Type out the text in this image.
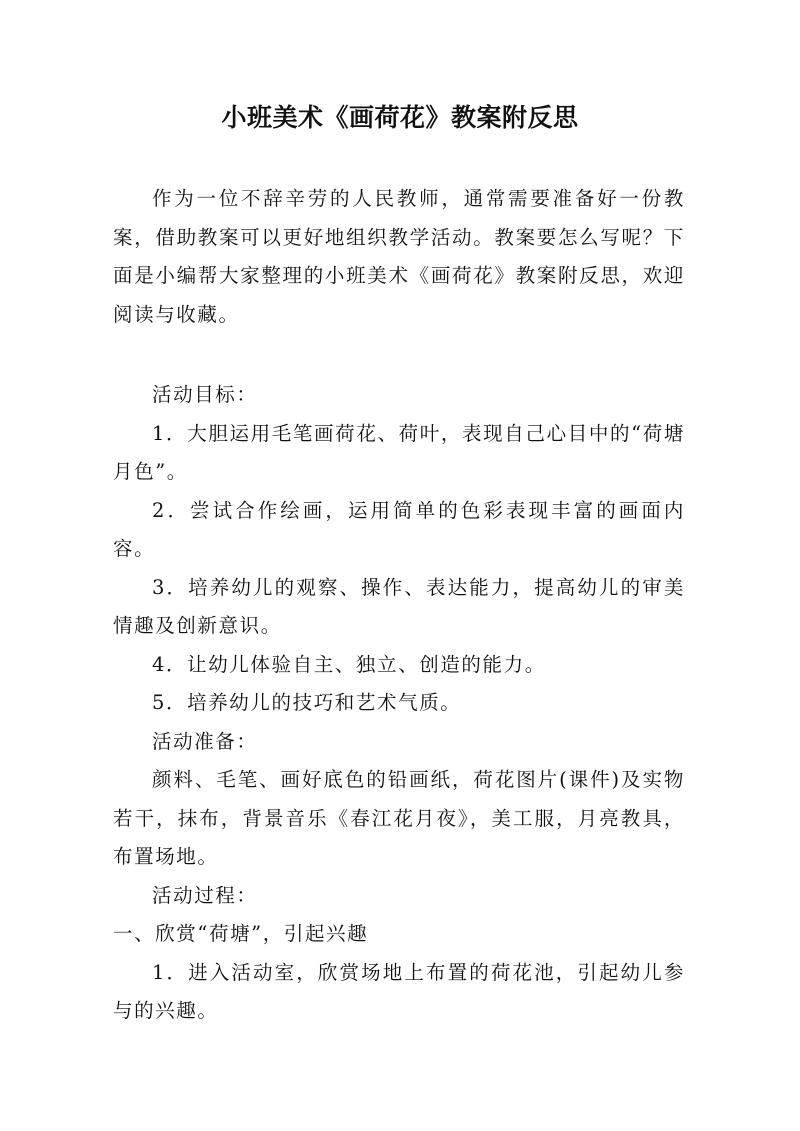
小班美术《画荷花》教案附反思

作为一位不辞辛劳的人民教师，通常需要准备好一份教案，借助教案可以更好地组织教学活动。教案要怎么写呢？下面是小编帮大家整理的小班美术《画荷花》教案附反思，欢迎阅读与收藏。

活动目标：

1．大胆运用毛笔画荷花、荷叶，表现自己心目中的“荷塘月色”。

2．尝试合作绘画，运用简单的色彩表现丰富的画面内容。

3．培养幼儿的观察、操作、表达能力，提高幼儿的审美情趣及创新意识。

4．让幼儿体验自主、独立、创造的能力。

5．培养幼儿的技巧和艺术气质。

活动准备：

颜料、毛笔、画好底色的铅画纸，荷花图片(课件)及实物若干，抹布，背景音乐《春江花月夜》，美工服，月亮教具，布置场地。

活动过程：

一、欣赏“荷塘”，引起兴趣

1．进入活动室，欣赏场地上布置的荷花池，引起幼儿参与的兴趣。
